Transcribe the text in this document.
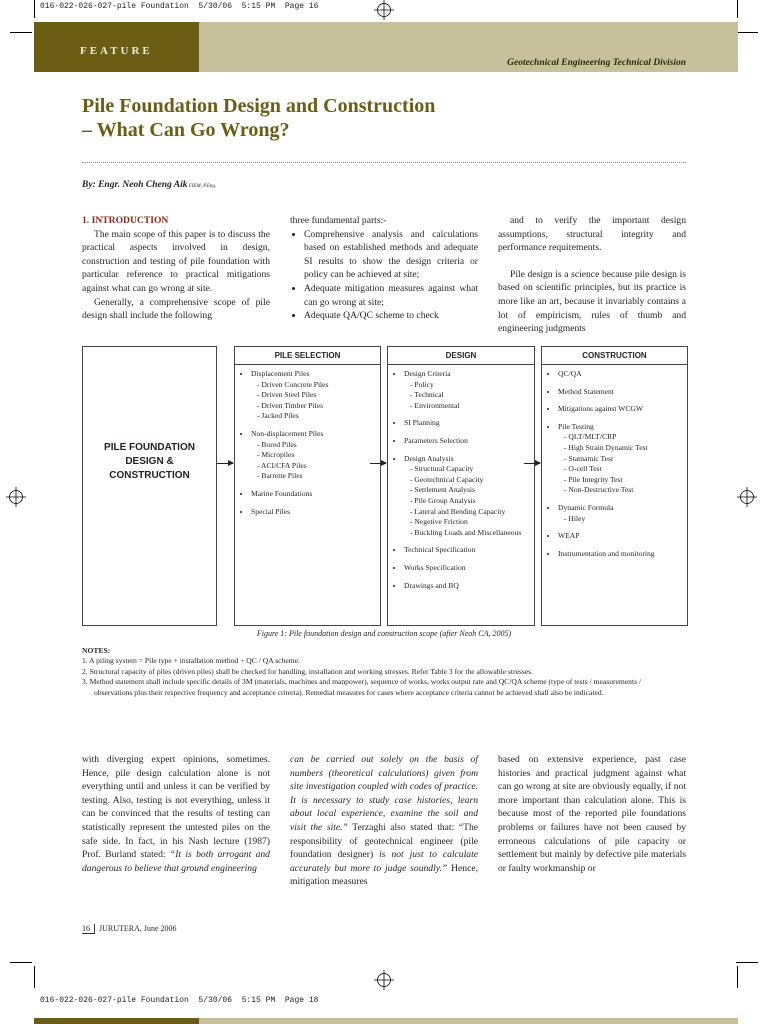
016-022-026-027-pile Foundation  5/30/06  5:15 PM  Page 16
016-022-026-027-pile Foundation  5/30/06  5:15 PM  Page 18
FEATURE
Geotechnical Engineering Technical Division
Pile Foundation Design and Construction
– What Can Go Wrong?
By: Engr. Neoh Cheng Aik FIEM, P.Eng.

1. INTRODUCTION

The main scope of this paper is to discuss the practical aspects involved in design, construction and testing of pile foundation with particular reference to practical mitigations against what can go wrong at site.

Generally, a comprehensive scope of pile design shall include the following

three fundamental parts:-

• Comprehensive analysis and calculations based on established methods and adequate SI results to show the design criteria or policy can be achieved at site;
• Adequate mitigation measures against what can go wrong at site;
• Adequate QA/QC scheme to check

and to verify the important design assumptions, structural integrity and performance requirements.

Pile design is a science because pile design is based on scientific principles, but its practice is more like an art, because it invariably contains a lot of empiricism, rules of thumb and engineering judgments

PILE FOUNDATION
DESIGN &
CONSTRUCTION
PILE SELECTION
• Displacement Piles
- Driven Concrete Piles
- Driven Steel Piles
- Driven Timber Piles
- Jacked Piles
• Non-displacement Piles
- Bored Piles
- Micropiles
- ACI/CFA Piles
- Barrette Piles
• Marine Foundations
• Special Piles
DESIGN
• Design Criteria
- Policy
- Technical
- Environmental
• SI Planning
• Parameters Selection
• Design Analysis
- Structural Capacity
- Geotechnical Capacity
- Settlement Analysis
- Pile Group Analysis
- Lateral and Bending Capacity
- Negetive Friction
- Buckling Loads and Miscellaneous
• Technical Specification
• Works Specification
• Drawings and BQ
CONSTRUCTION
• QC/QA
• Method Statement
• Mitigations against WCGW
• Pile Testing
- QLT/MLT/CRP
- High Strain Dynamic Test
- Statnamic Test
- O-cell Test
- Pile Integrity Test
- Non-Destructive Test
• Dynamic Formula
- Hiley
• WEAP
• Instrumentation and monitoring
Figure 1: Pile foundation design and construction scope (after Neoh CA, 2005)
NOTES:
1. A piling system = Pile type + installation method + QC / QA scheme.
2. Structural capacity of piles (driven piles) shall be checked for handling, installation and working stresses. Refer Table 3 for the allowable stresses.
3. Method statement shall include specific details of 3M (materials, machines and manpower), sequence of works, works output rate and QC/QA scheme (type of tests / measurements / observations plus their respective frequency and acceptance criteria). Remedial measures for cases where acceptance criteria cannot be achieved shall also be indicated.

with diverging expert opinions, sometimes. Hence, pile design calculation alone is not everything until and unless it can be verified by testing. Also, testing is not everything, unless it can be convinced that the results of testing can statistically represent the untested piles on the safe side. In fact, in his Nash lecture (1987) Prof. Burland stated: “It is both arrogant and dangerous to believe that ground engineering

can be carried out solely on the basis of numbers (theoretical calculations) given from site investigation coupled with codes of practice. It is necessary to study case histories, learn about local experience, examine the soil and visit the site.” Terzaghi also stated that: “The responsibility of geotechnical engineer (pile foundation designer) is not just to calculate accurately but more to judge soundly.” Hence, mitigation measures

based on extensive experience, past case histories and practical judgment against what can go wrong at site are obviously equally, if not more important than calculation alone. This is because most of the reported pile foundations problems or failures have not been caused by erroneous calculations of pile capacity or settlement but mainly by defective pile materials or faulty workmanship or

16 JURUTERA, June 2006
